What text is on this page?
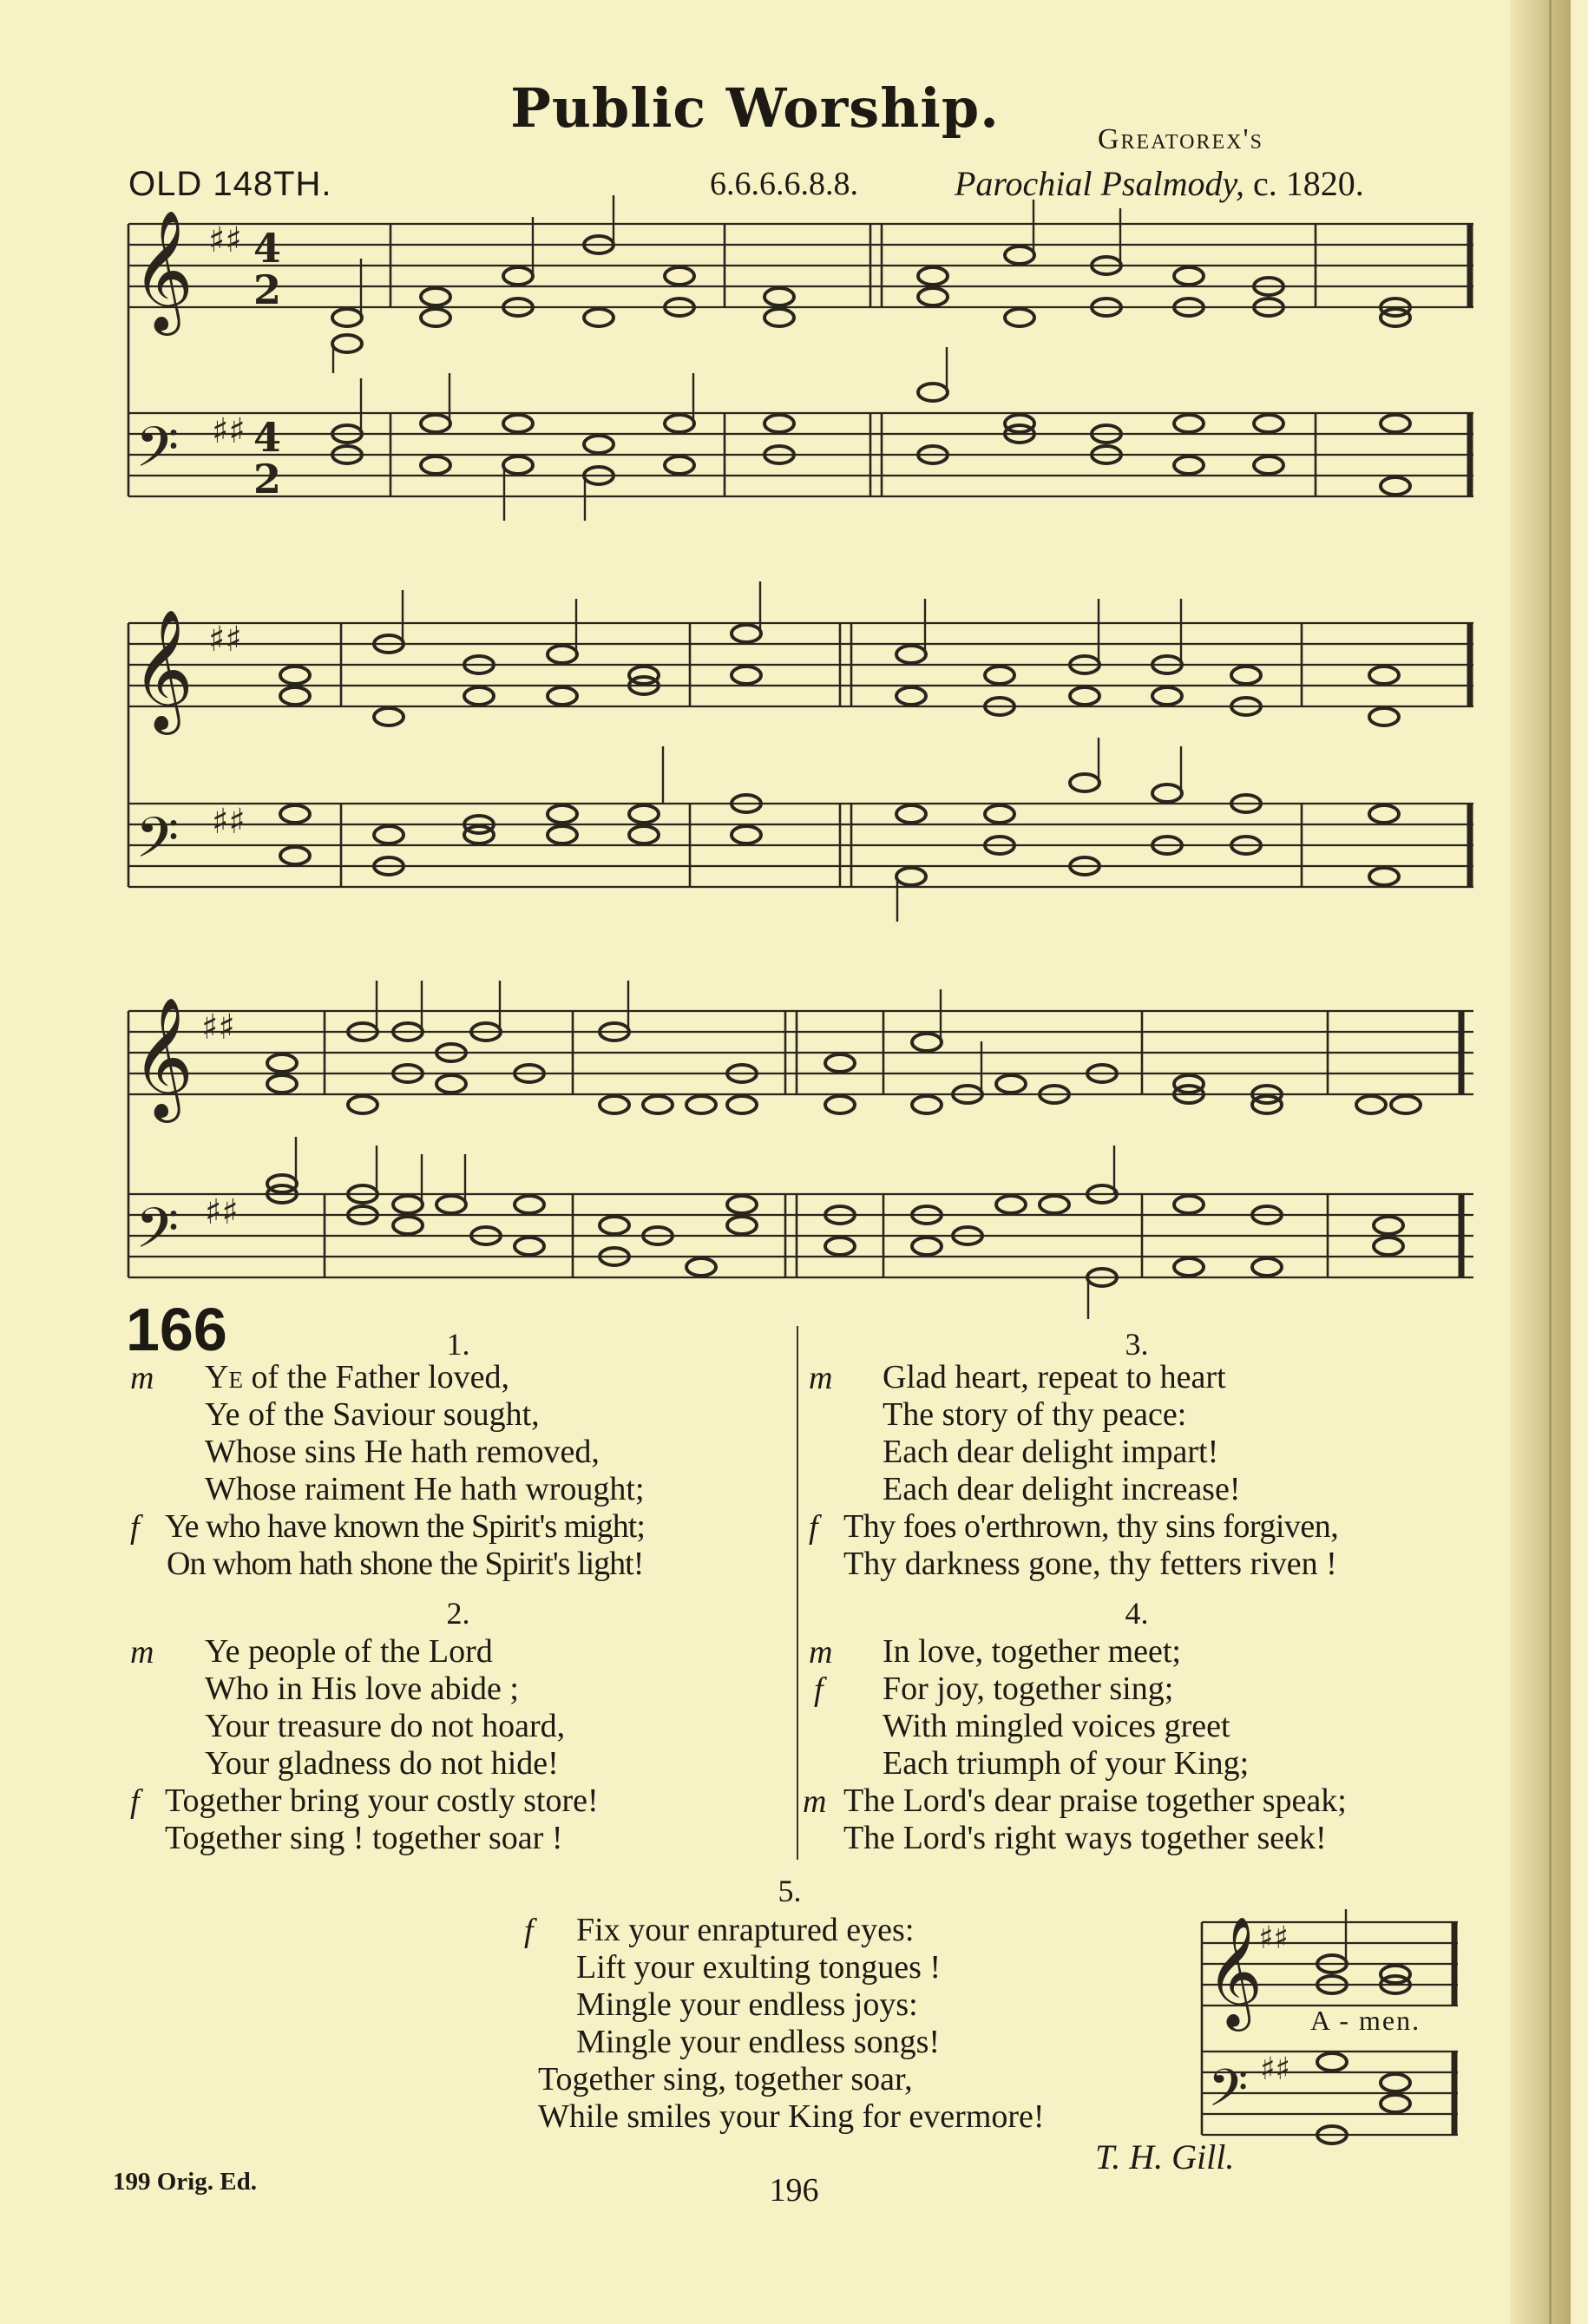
Public Worship.	Greatorex's
OLD 148TH.	6.6.6.6.8.8.	Parochial Psalmody, c. 1820.
𝄞
𝄢
4
2
4
2
♯♯
♯♯
𝄞
𝄢
♯♯
♯♯
𝄞
𝄢
♯♯
♯♯
𝄞
𝄢
♯♯
♯♯
166	1.
m Ye of the Father loved,
Ye of the Saviour sought,
Whose sins He hath removed,
Whose raiment He hath wrought;
f Ye who have known the Spirit's might;
On whom hath shone the Spirit's light!
2.
m Ye people of the Lord
Who in His love abide ;
Your treasure do not hoard,
Your gladness do not hide!
f Together bring your costly store!
Together sing ! together soar !
3.
m Glad heart, repeat to heart
The story of thy peace:
Each dear delight impart!
Each dear delight increase!
f Thy foes o'erthrown, thy sins forgiven,
Thy darkness gone, thy fetters riven !
4.
m In love, together meet;
f For joy, together sing;
With mingled voices greet
Each triumph of your King;
m The Lord's dear praise together speak;
The Lord's right ways together seek!
5.
f Fix your enraptured eyes:
Lift your exulting tongues !
Mingle your endless joys:
Mingle your endless songs!
Together sing, together soar,
While smiles your King for evermore!
A - men.
T. H. Gill.
199 Orig. Ed.	196
